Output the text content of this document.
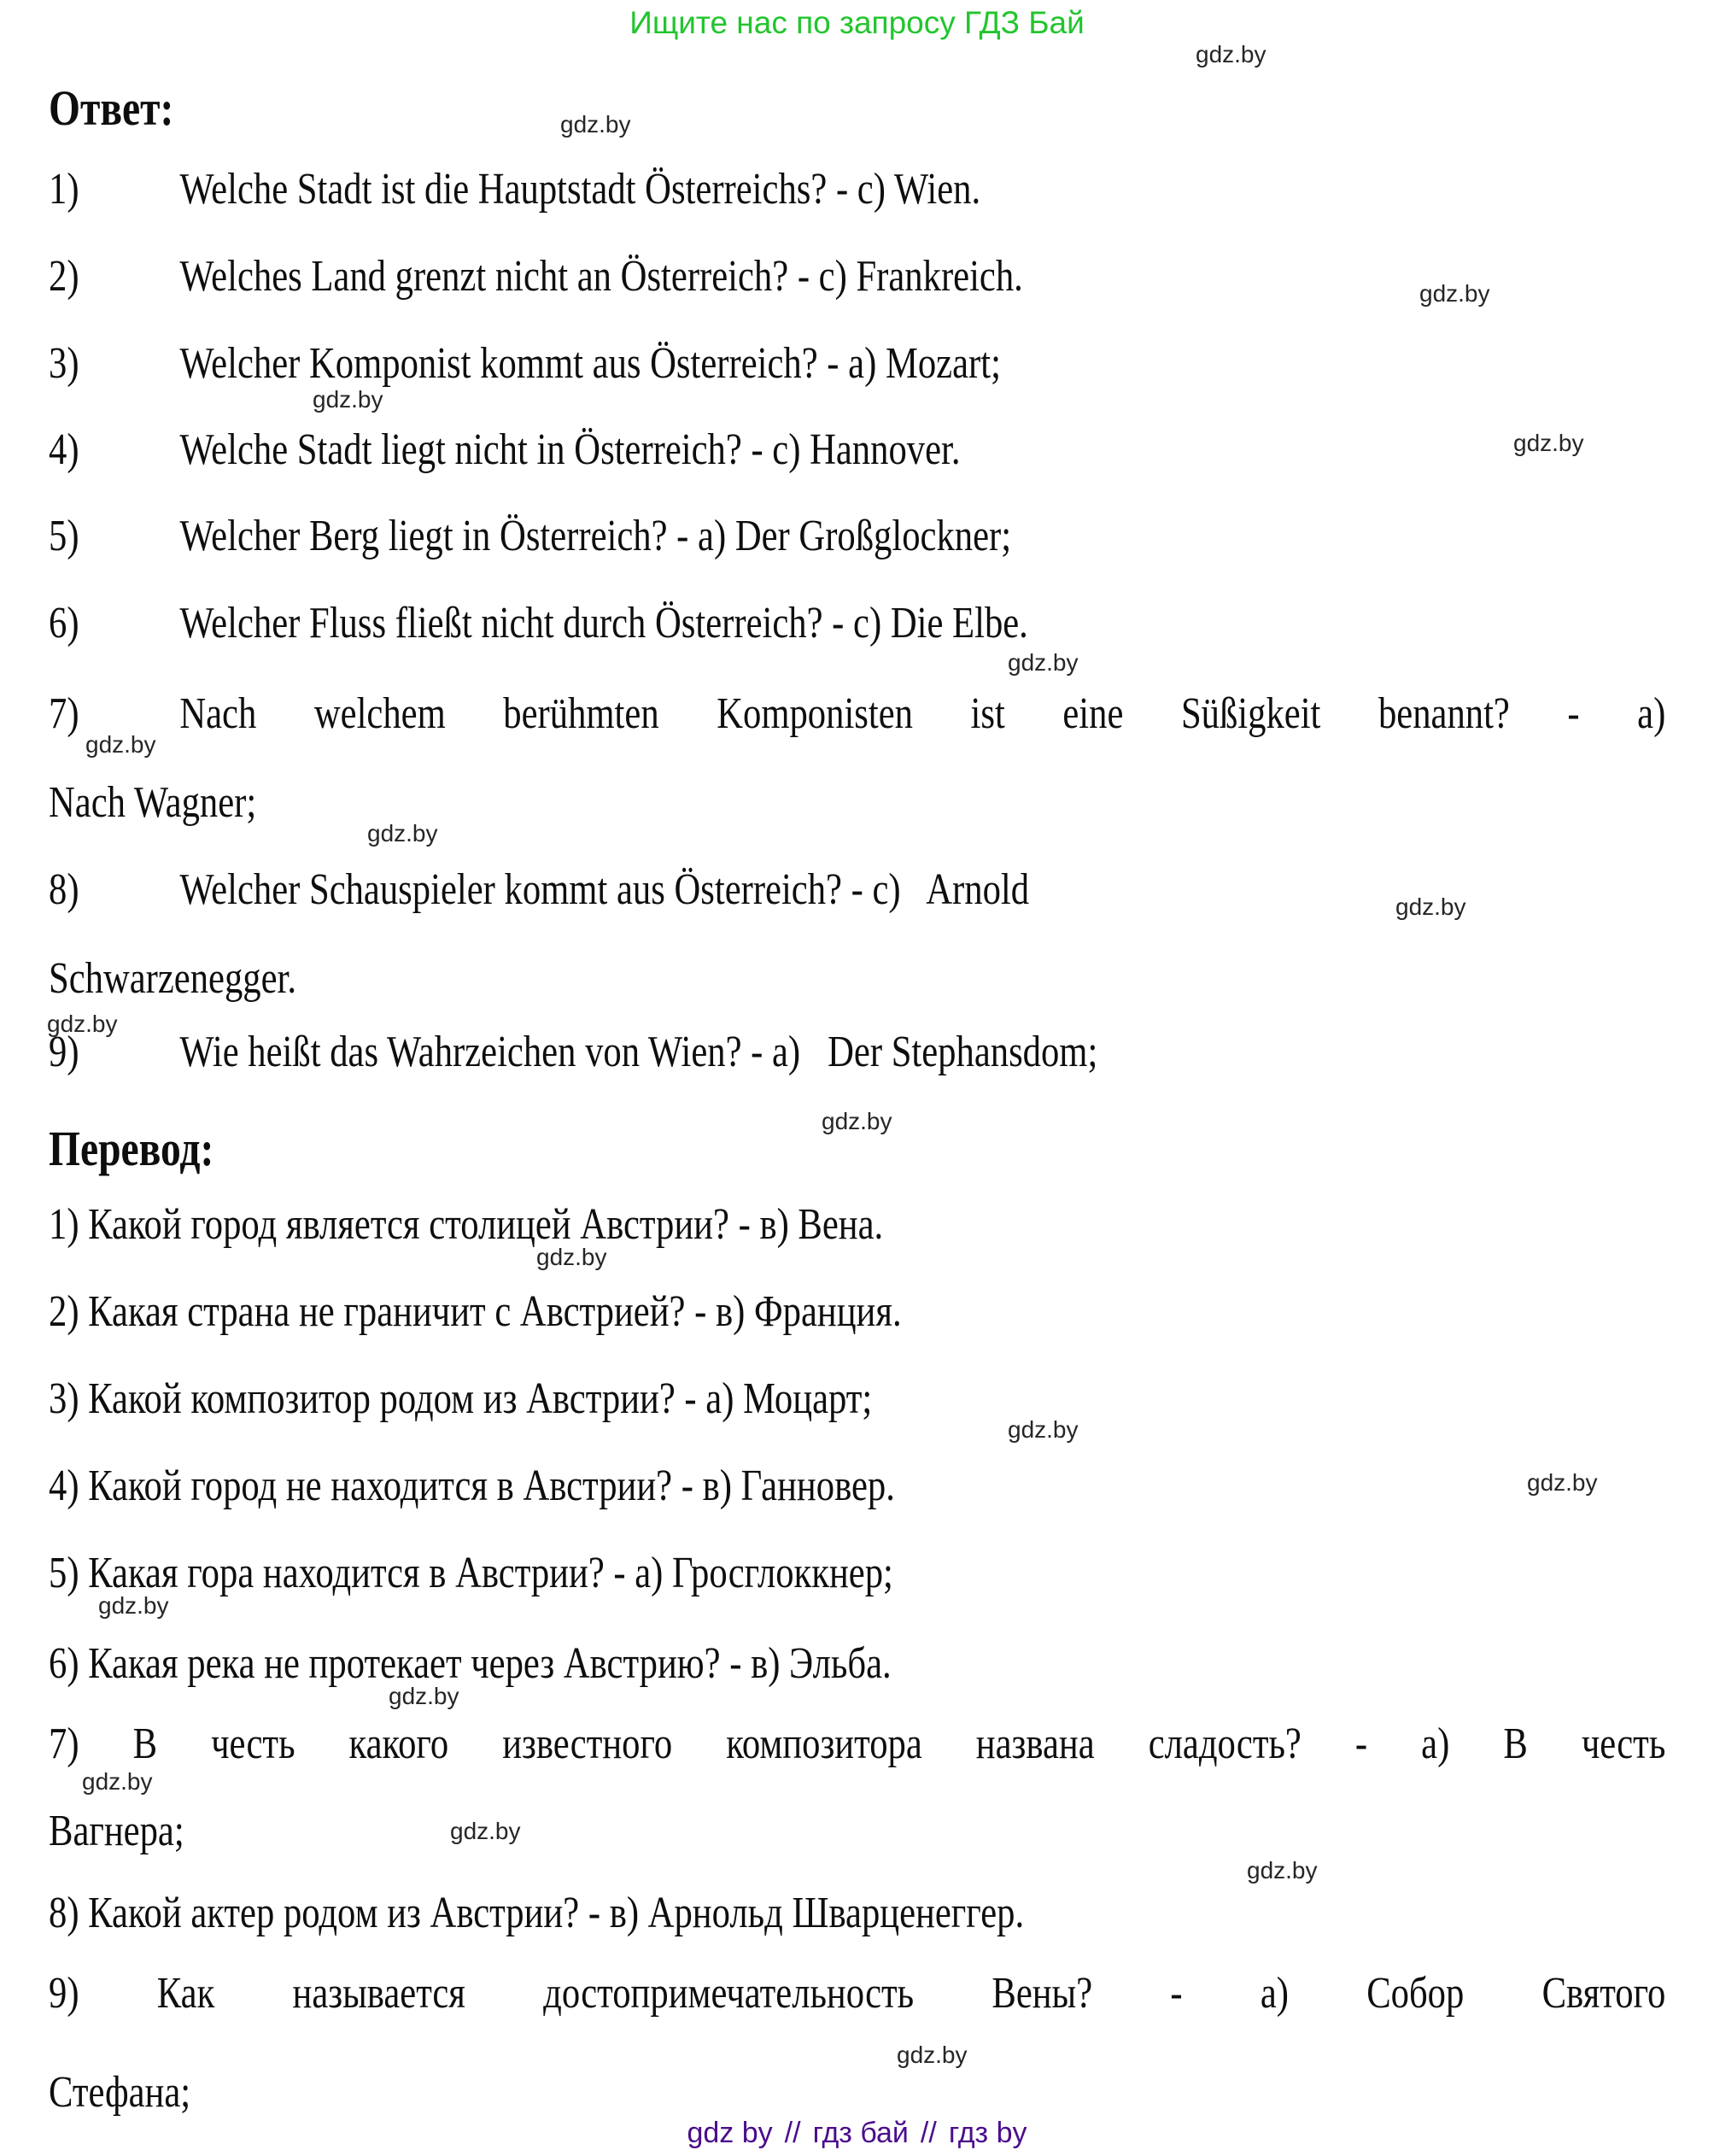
Ищите нас по запросу ГДЗ Бай
gdz.by
gdz.by
gdz.by
gdz.by
gdz.by
gdz.by
gdz.by
gdz.by
gdz.by
gdz.by
gdz.by
gdz.by
gdz.by
gdz.by
gdz.by
gdz.by
gdz.by
gdz.by
gdz.by
gdz.by
Ответ:
1) Welche Stadt ist die Hauptstadt Österreichs? - c) Wien.
2) Welches Land grenzt nicht an Österreich? - c) Frankreich.
3) Welcher Komponist kommt aus Österreich? - a) Mozart;
4) Welche Stadt liegt nicht in Österreich? - c) Hannover.
5) Welcher Berg liegt in Österreich? - a) Der Großglockner;
6) Welcher Fluss fließt nicht durch Österreich? - c) Die Elbe.
7)	Nach welchem berühmten Komponisten ist eine Süßigkeit benannt? - a)
Nach Wagner;
8) Welcher Schauspieler kommt aus Österreich? - c)   Arnold
Schwarzenegger.
9) Wie heißt das Wahrzeichen von Wien? - a)   Der Stephansdom;
Перевод:
1) Какой город является столицей Австрии? - в) Вена.
2) Какая страна не граничит с Австрией? - в) Франция.
3) Какой композитор родом из Австрии? - а) Моцарт;
4) Какой город не находится в Австрии? - в) Ганновер.
5) Какая гора находится в Австрии? - а) Гросглоккнер;
6) Какая река не протекает через Австрию? - в) Эльба.
7) В честь какого известного композитора названа сладость? - а) В честь
Вагнера;
8) Какой актер родом из Австрии? - в) Арнольд Шварценеггер.
9) Как называется достопримечательность Вены? - а) Собор Святого
Стефана;
gdz by // гдз бай // гдз by
